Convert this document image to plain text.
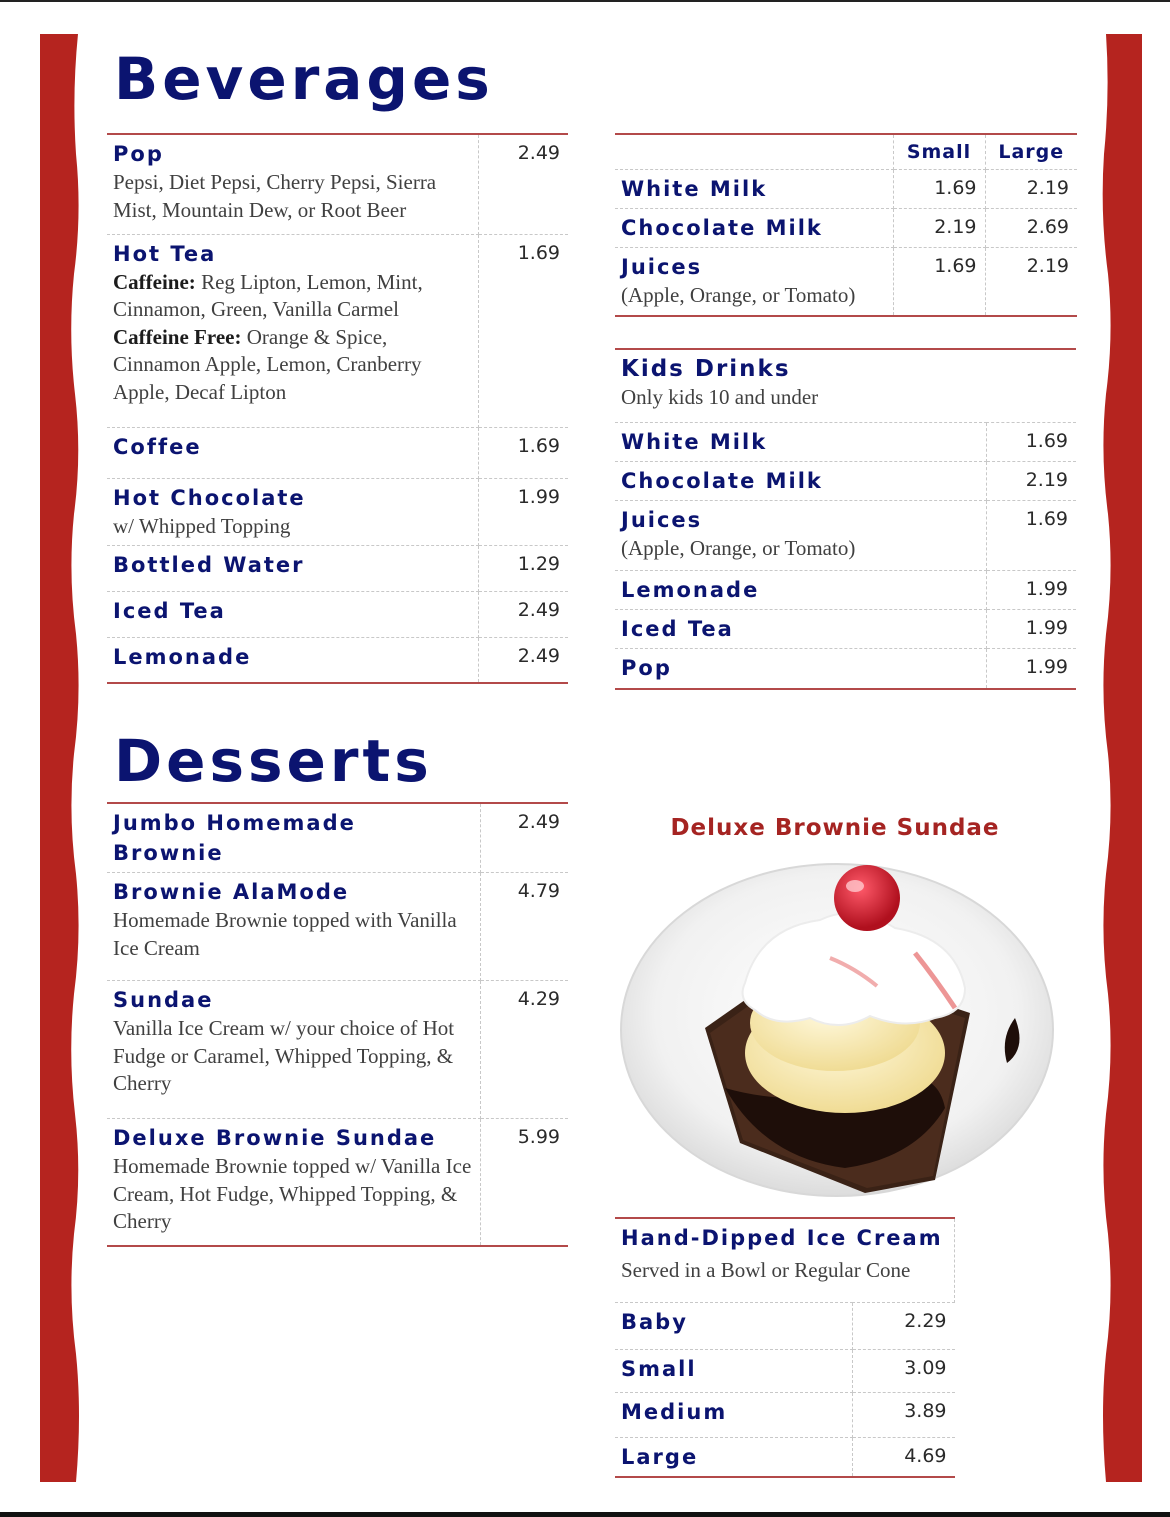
Beverages
Pop
Pepsi, Diet Pepsi, Cherry Pepsi, Sierra Mist, Mountain Dew, or Root Beer	2.49

Hot Tea
Caffeine: Reg Lipton, Lemon, Mint, Cinnamon, Green, Vanilla Carmel
Caffeine Free: Orange & Spice, Cinnamon Apple, Lemon, Cranberry Apple, Decaf Lipton	1.69

Coffee	1.69

Hot Chocolate
w/ Whipped Topping	1.99

Bottled Water	1.29

Iced Tea	2.49

Lemonade	2.49
	Small	Large

White Milk	1.69	2.19

Chocolate Milk	2.19	2.69

Juices
(Apple, Orange, or Tomato)	1.69	2.19
Kids Drinks
Only kids 10 and under	

White Milk	1.69

Chocolate Milk	2.19

Juices
(Apple, Orange, or Tomato)	1.69

Lemonade	1.99

Iced Tea	1.99

Pop	1.99
Desserts
Jumbo Homemade Brownie	2.49

Brownie AlaMode
Homemade Brownie topped with Vanilla Ice Cream	4.79

Sundae
Vanilla Ice Cream w/ your choice of Hot Fudge or Caramel, Whipped Topping, & Cherry	4.29

Deluxe Brownie Sundae
Homemade Brownie topped w/ Vanilla Ice Cream, Hot Fudge, Whipped Topping, & Cherry	5.99
Deluxe Brownie Sundae
Hand-Dipped Ice Cream
Served in a Bowl or Regular Cone	

Baby	2.29

Small	3.09

Medium	3.89

Large	4.69
